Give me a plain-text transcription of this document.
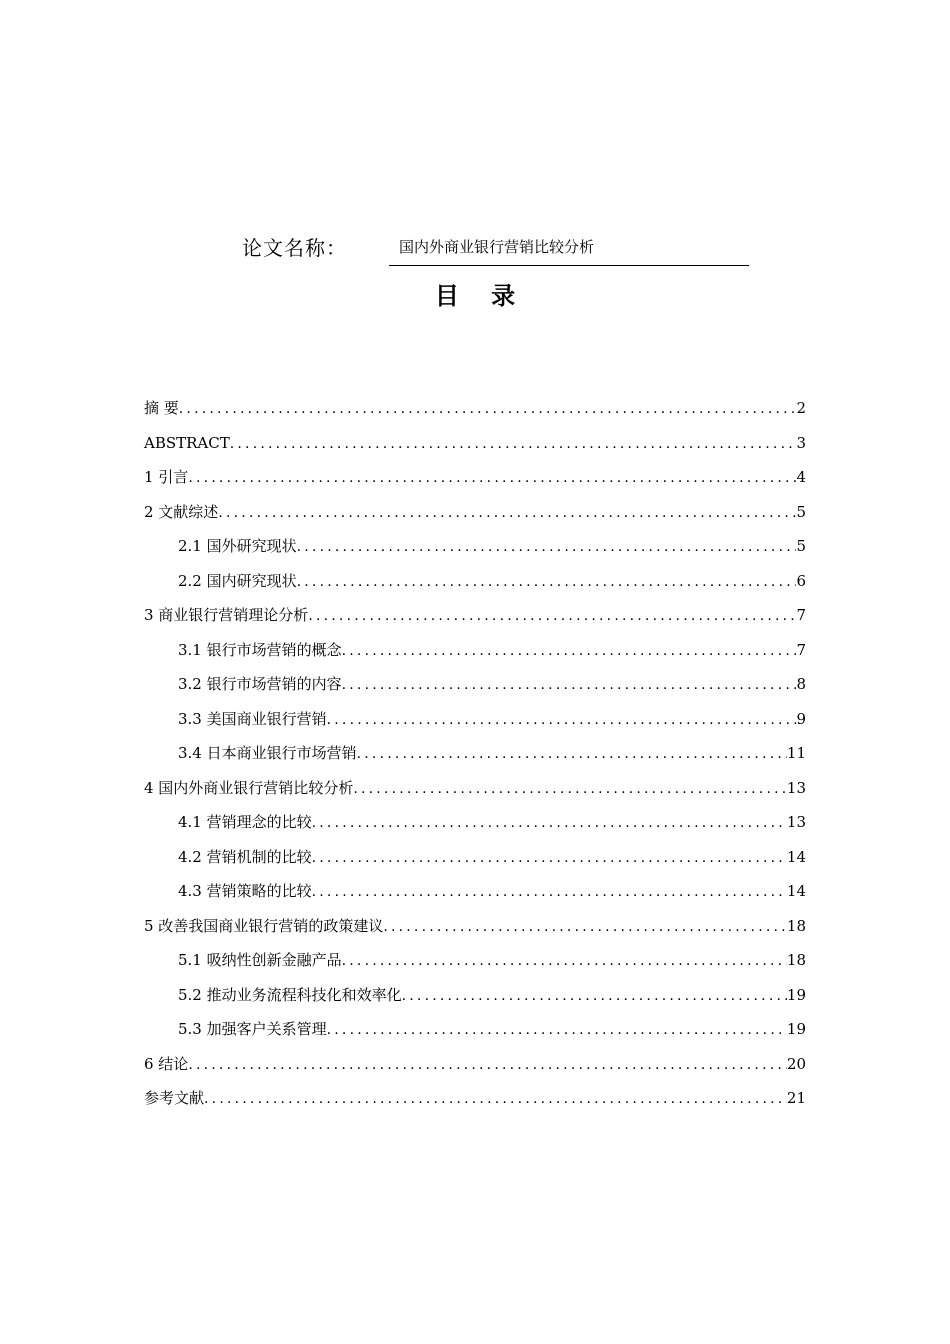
论文名称：	国内外商业银行营销比较分析
目 录
摘 要 .....	2
ABSTRACT .....	3
1 引言 .....	4
2 文献综述 .....	5
2.1 国外研究现状 .....	5
2.2 国内研究现状 .....	6
3 商业银行营销理论分析 .....	7
3.1 银行市场营销的概念 .....	7
3.2 银行市场营销的内容 .....	8
3.3 美国商业银行营销 .....	9
3.4 日本商业银行市场营销 .....	11
4 国内外商业银行营销比较分析 .....	13
4.1 营销理念的比较 .....	13
4.2 营销机制的比较 .....	14
4.3 营销策略的比较 .....	14
5 改善我国商业银行营销的政策建议 .....	18
5.1 吸纳性创新金融产品 .....	18
5.2 推动业务流程科技化和效率化 .....	19
5.3 加强客户关系管理 .....	19
6 结论 .....	20
参考文献 .....	21
